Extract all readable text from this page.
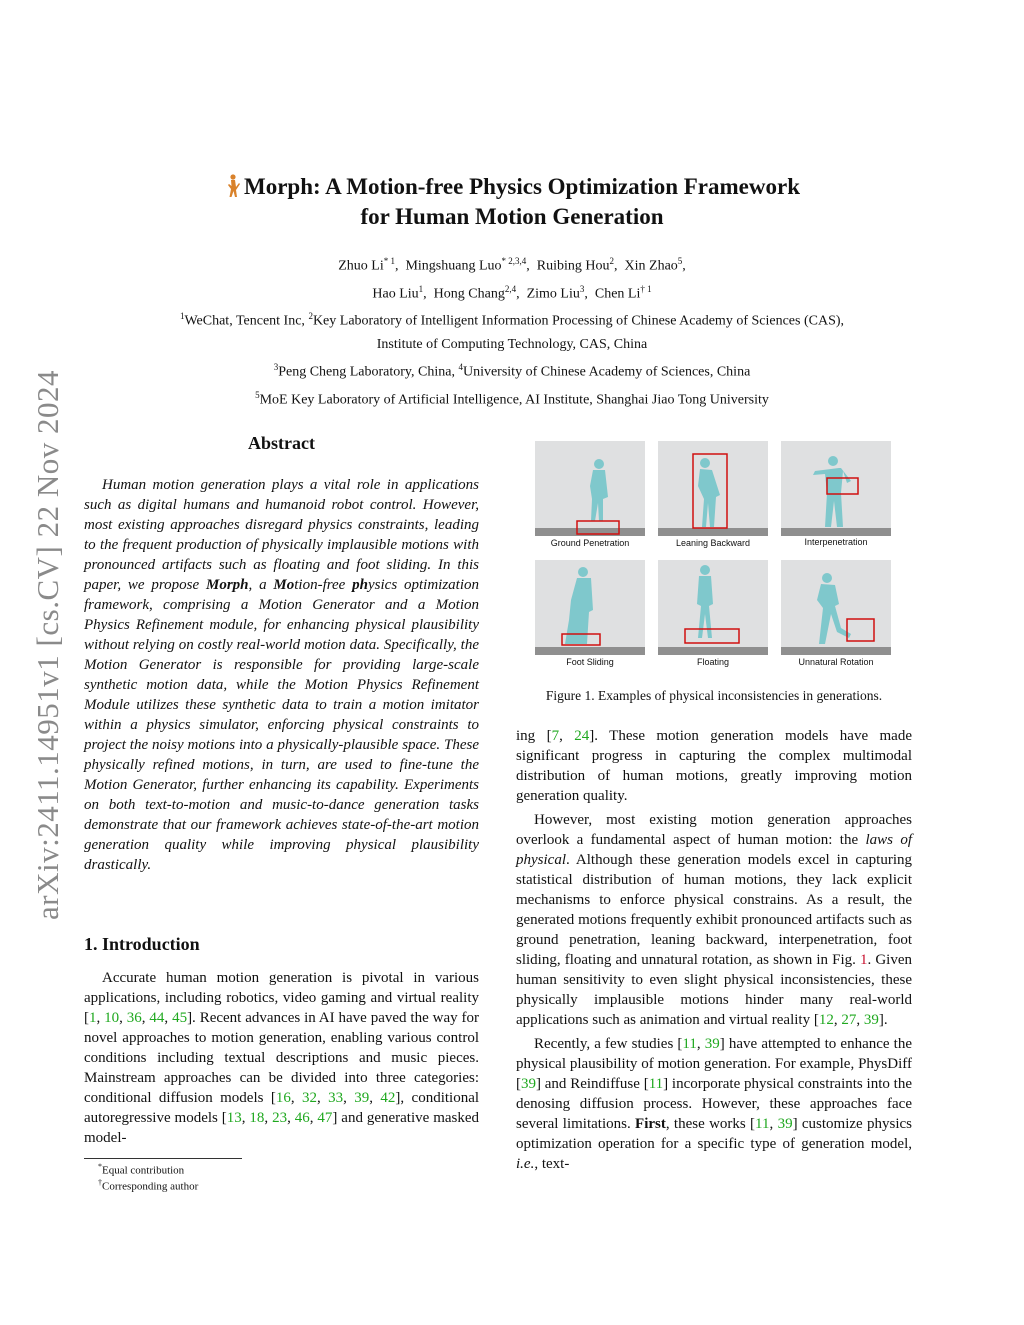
arXiv:2411.14951v1 [cs.CV] 22 Nov 2024
Morph: A Motion-free Physics Optimization Framework
for Human Motion Generation
Zhuo Li$^{* 1}$,  Mingshuang Luo$^{* 2,3,4}$,  Ruibing Hou$^2$,  Xin Zhao$^5$,
Hao Liu$^1$,  Hong Chang$^{2,4}$,  Zimo Liu$^3$,  Chen Li$^{\dagger 1}$
$^1$WeChat, Tencent Inc, $^2$Key Laboratory of Intelligent Information Processing of Chinese Academy of Sciences (CAS),
Institute of Computing Technology, CAS, China
$^3$Peng Cheng Laboratory, China, $^4$University of Chinese Academy of Sciences, China
$^5$MoE Key Laboratory of Artificial Intelligence, AI Institute, Shanghai Jiao Tong University
Abstract

Human motion generation plays a vital role in applications such as digital humans and humanoid robot control. However, most existing approaches disregard physics constraints, leading to the frequent production of physically implausible motions with pronounced artifacts such as floating and foot sliding. In this paper, we propose Morph, a Motion-free physics optimization framework, comprising a Motion Generator and a Motion Physics Refinement module, for enhancing physical plausibility without relying on costly real-world motion data. Specifically, the Motion Generator is responsible for providing large-scale synthetic motion data, while the Motion Physics Refinement Module utilizes these synthetic data to train a motion imitator within a physics simulator, enforcing physical constraints to project the noisy motions into a physically-plausible space. These physically refined motions, in turn, are used to fine-tune the Motion Generator, further enhancing its capability. Experiments on both text-to-motion and music-to-dance generation tasks demonstrate that our framework achieves state-of-the-art motion generation quality while improving physical plausibility drastically.

1. Introduction

Accurate human motion generation is pivotal in various applications, including robotics, video gaming and virtual reality [1, 10, 36, 44, 45]. Recent advances in AI have paved the way for novel approaches to motion generation, enabling various control conditions including textual descriptions and music pieces. Mainstream approaches can be divided into three categories: conditional diffusion models [16, 32, 33, 39, 42], conditional autoregressive models [13, 18, 23, 46, 47] and generative masked model-

*Equal contribution
†Corresponding author
Ground Penetration	Leaning Backward	Interpenetration
Foot Sliding	Floating	Unnatural Rotation
Figure 1. Examples of physical inconsistencies in generations.

ing [7, 24]. These motion generation models have made significant progress in capturing the complex multimodal distribution of human motions, greatly improving motion generation quality.

However, most existing motion generation approaches overlook a fundamental aspect of human motion: the laws of physical. Although these generation models excel in capturing statistical distribution of human motions, they lack explicit mechanisms to enforce physical constrains. As a result, the generated motions frequently exhibit pronounced artifacts such as ground penetration, leaning backward, interpenetration, foot sliding, floating and unnatural rotation, as shown in Fig. 1. Given human sensitivity to even slight physical inconsistencies, these physically implausible motions hinder many real-world applications such as animation and virtual reality [12, 27, 39].

Recently, a few studies [11, 39] have attempted to enhance the physical plausibility of motion generation. For example, PhysDiff [39] and Reindiffuse [11] incorporate physical constraints into the denosing diffusion process. However, these approaches face several limitations. First, these works [11, 39] customize physics optimization operation for a specific type of generation model, i.e., text-
